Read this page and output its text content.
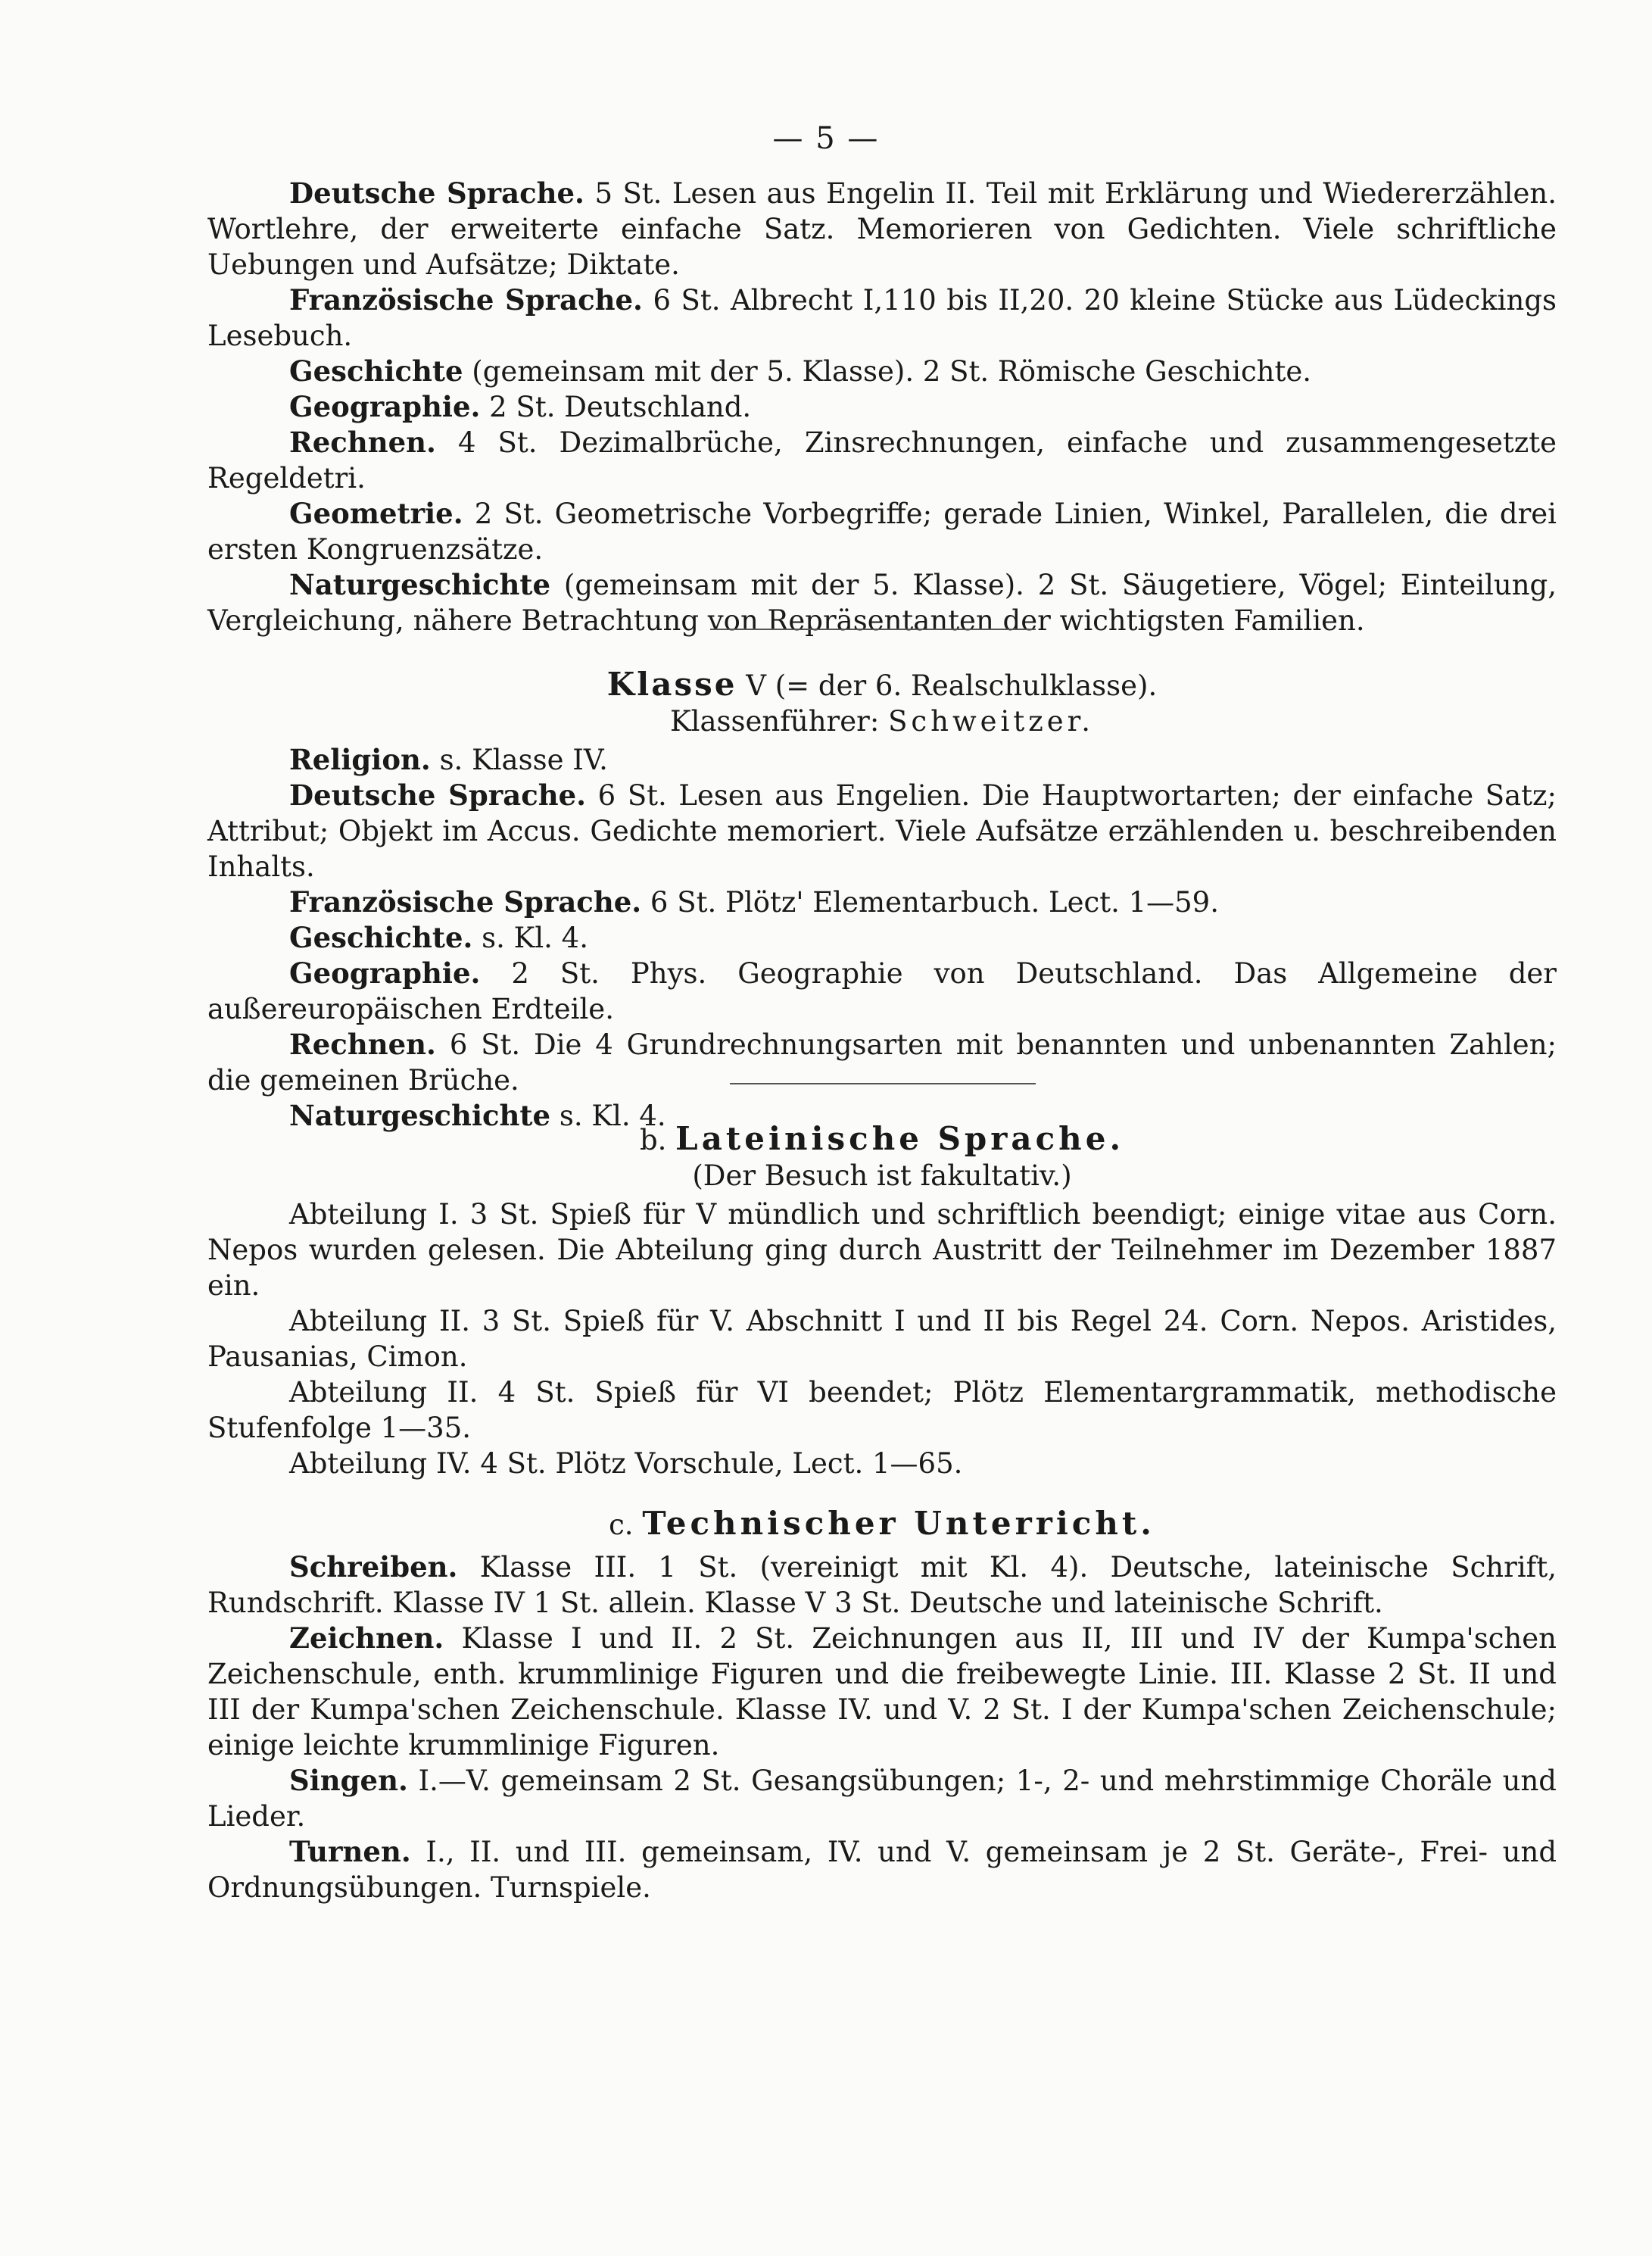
— 5 —

Deutsche Sprache. 5 St. Lesen aus Engelin II. Teil mit Erklärung und Wiedererzählen. Wortlehre, der erweiterte einfache Satz. Memorieren von Gedichten. Viele schriftliche Uebungen und Aufsätze; Diktate.

Französische Sprache. 6 St. Albrecht I,110 bis II,20. 20 kleine Stücke aus Lüdeckings Lesebuch.

Geschichte (gemeinsam mit der 5. Klasse). 2 St. Römische Geschichte.

Geographie. 2 St. Deutschland.

Rechnen. 4 St. Dezimalbrüche, Zinsrechnungen, einfache und zusammengesetzte Regeldetri.

Geometrie. 2 St. Geometrische Vorbegriffe; gerade Linien, Winkel, Parallelen, die drei ersten Kongruenzsätze.

Naturgeschichte (gemeinsam mit der 5. Klasse). 2 St. Säugetiere, Vögel; Einteilung, Vergleichung, nähere Betrachtung von Repräsentanten der wichtigsten Familien.

Klasse V (= der 6. Realschulklasse).
Klassenführer: Schweitzer.

Religion. s. Klasse IV.

Deutsche Sprache. 6 St. Lesen aus Engelien. Die Hauptwortarten; der einfache Satz; Attribut; Objekt im Accus. Gedichte memoriert. Viele Aufsätze erzählenden u. beschreibenden Inhalts.

Französische Sprache. 6 St. Plötz' Elementarbuch. Lect. 1—59.

Geschichte. s. Kl. 4.

Geographie. 2 St. Phys. Geographie von Deutschland. Das Allgemeine der außereuropäischen Erdteile.

Rechnen. 6 St. Die 4 Grundrechnungsarten mit benannten und unbenannten Zahlen; die gemeinen Brüche.

Naturgeschichte s. Kl. 4.

b. Lateinische Sprache.
(Der Besuch ist fakultativ.)

Abteilung I. 3 St. Spieß für V mündlich und schriftlich beendigt; einige vitae aus Corn. Nepos wurden gelesen. Die Abteilung ging durch Austritt der Teilnehmer im Dezember 1887 ein.

Abteilung II. 3 St. Spieß für V. Abschnitt I und II bis Regel 24. Corn. Nepos. Aristides, Pausanias, Cimon.

Abteilung II. 4 St. Spieß für VI beendet; Plötz Elementargrammatik, methodische Stufenfolge 1—35.

Abteilung IV. 4 St. Plötz Vorschule, Lect. 1—65.

c. Technischer Unterricht.

Schreiben. Klasse III. 1 St. (vereinigt mit Kl. 4). Deutsche, lateinische Schrift, Rundschrift. Klasse IV 1 St. allein. Klasse V 3 St. Deutsche und lateinische Schrift.

Zeichnen. Klasse I und II. 2 St. Zeichnungen aus II, III und IV der Kumpa'schen Zeichenschule, enth. krummlinige Figuren und die freibewegte Linie. III. Klasse 2 St. II und III der Kumpa'schen Zeichenschule. Klasse IV. und V. 2 St. I der Kumpa'schen Zeichenschule; einige leichte krummlinige Figuren.

Singen. I.—V. gemeinsam 2 St. Gesangsübungen; 1-, 2- und mehrstimmige Choräle und Lieder.

Turnen. I., II. und III. gemeinsam, IV. und V. gemeinsam je 2 St. Geräte-, Frei- und Ordnungsübungen. Turnspiele.
